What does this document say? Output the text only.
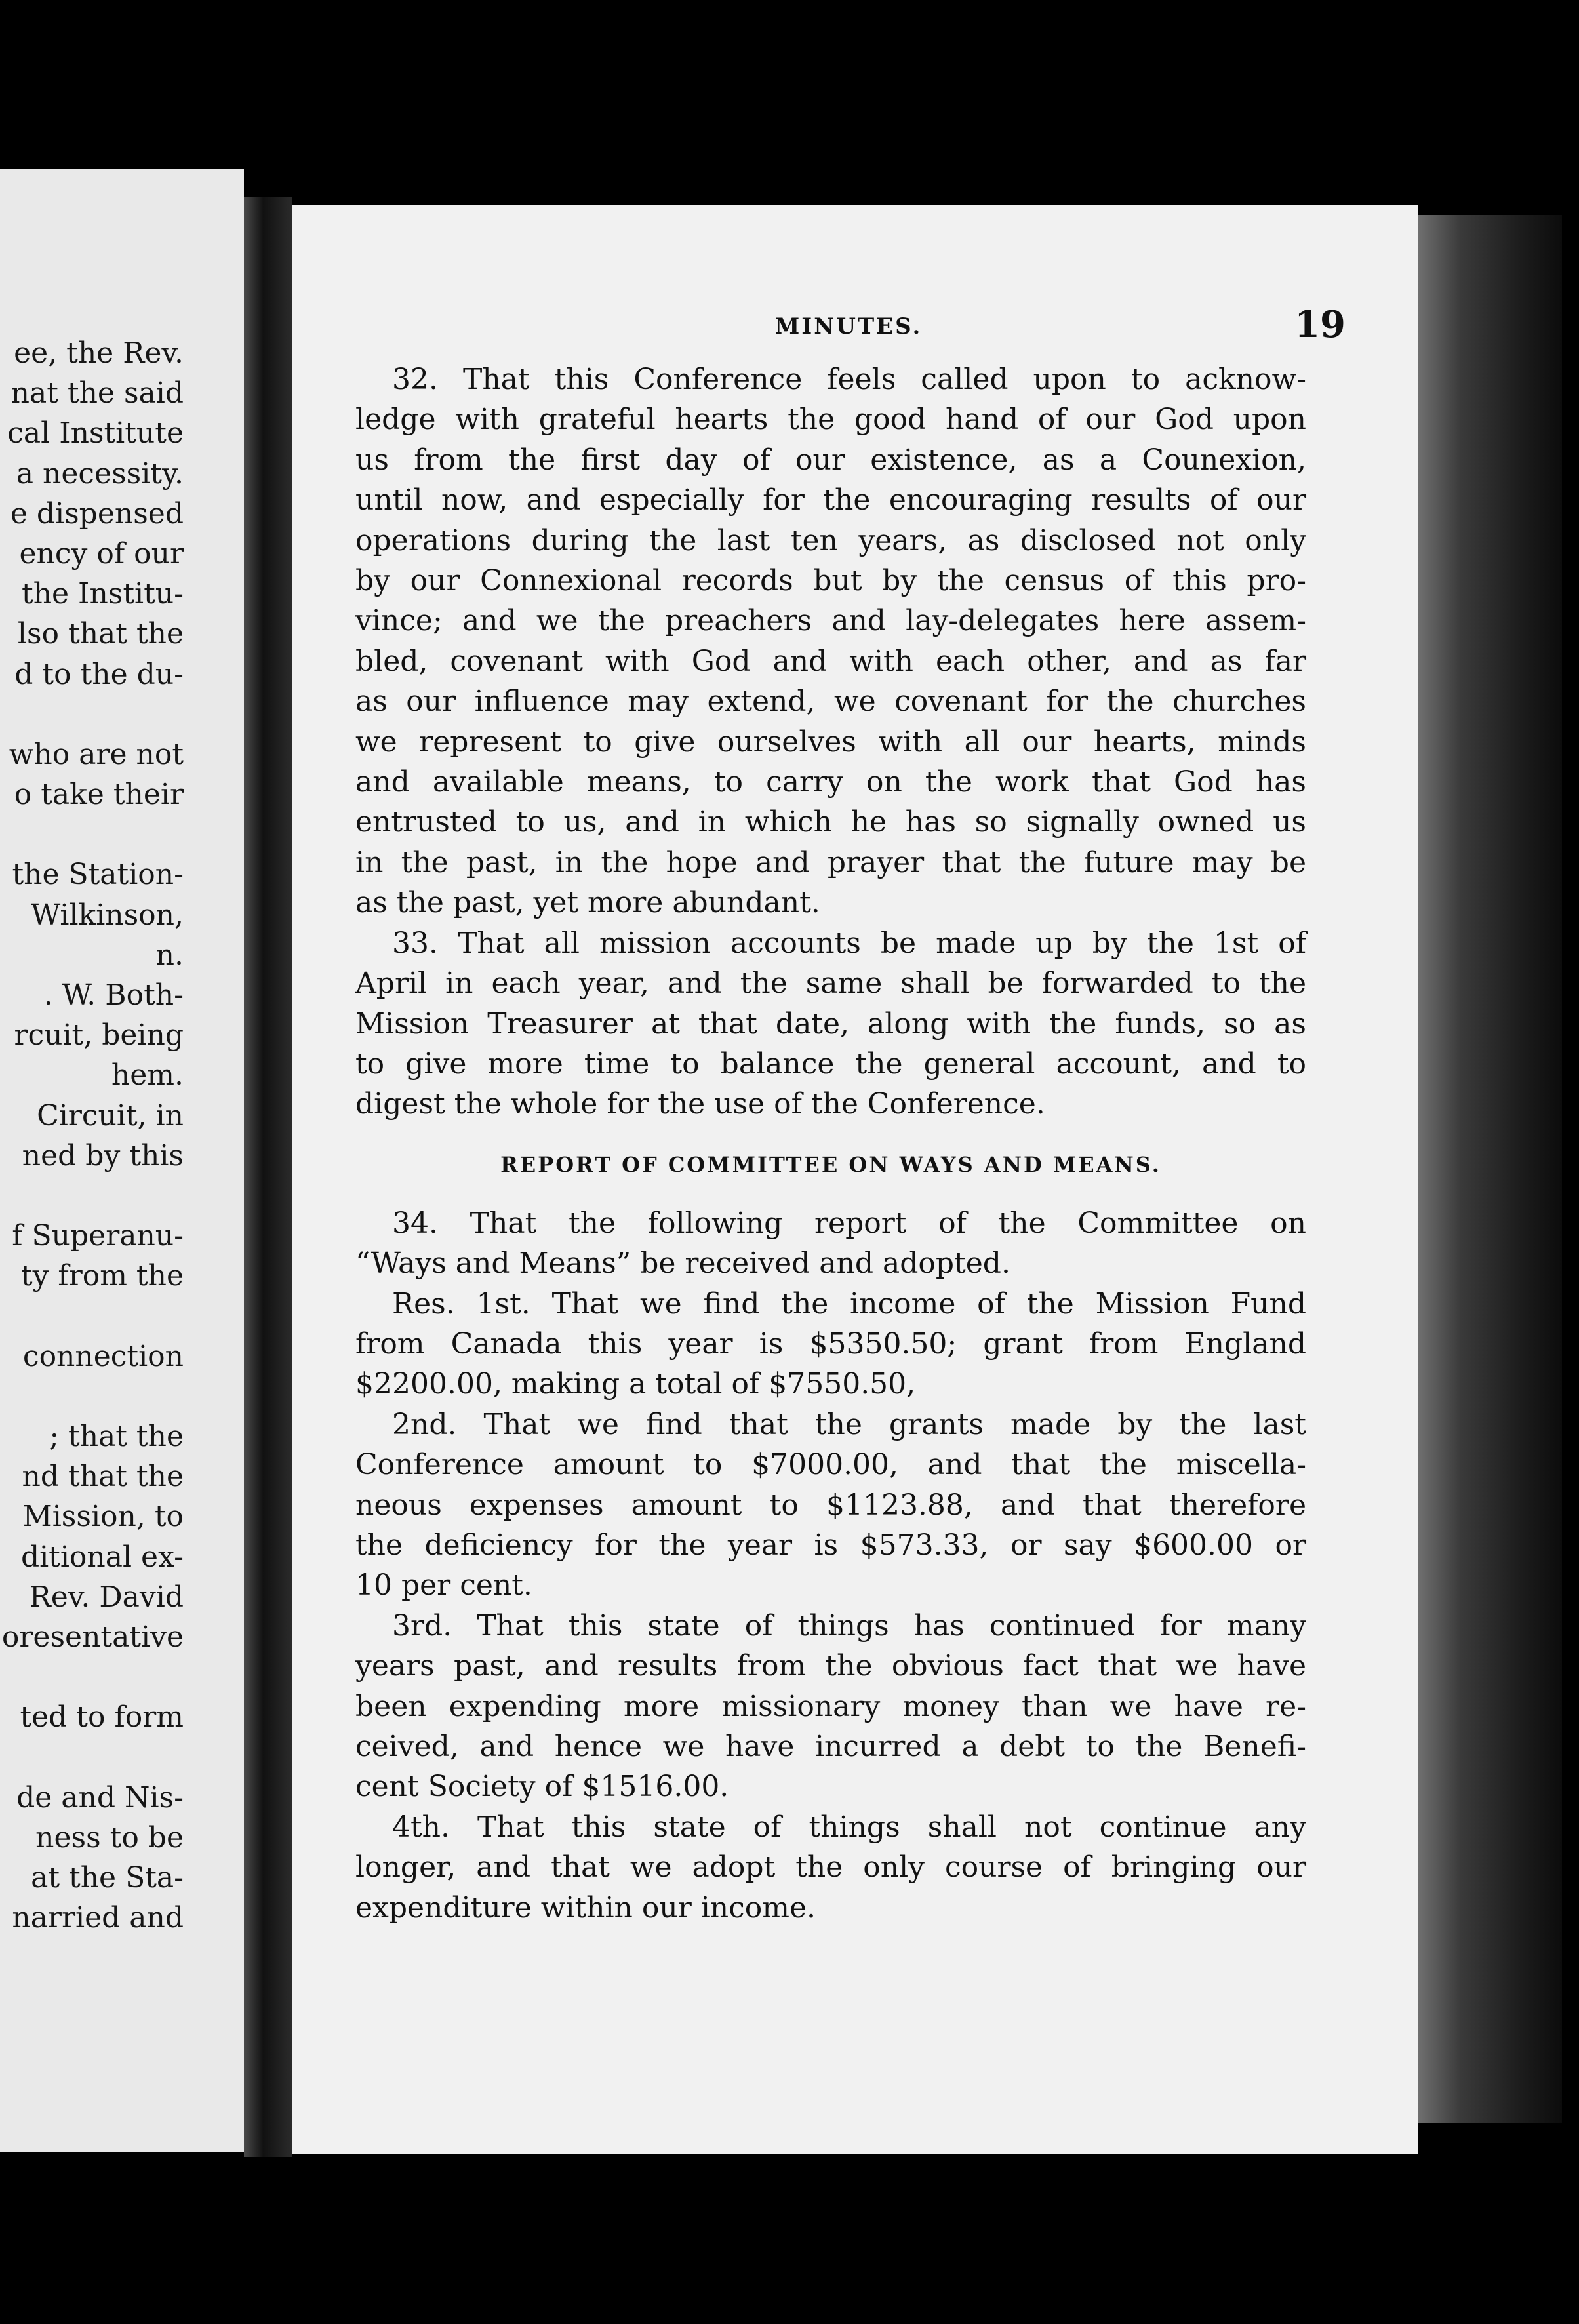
ee, the Rev.
nat the said
cal Institute
a necessity.
e dispensed
ency of our
the Institu-
lso that the
d to the du-
who are not
o take their
the Station-
Wilkinson,
n.
. W. Both-
rcuit, being
hem.
Circuit, in
ned by this
f Superanu-
ty from the
connection
; that the
nd that the
Mission, to
ditional ex-
Rev. David
oresentative
ted to form
de and Nis-
ness to be
at the Sta-
narried and
MINUTES.	19
32. That this Conference feels called upon to acknow-
ledge with grateful hearts the good hand of our God upon
us from the first day of our existence, as a Counexion,
until now, and especially for the encouraging results of our
operations during the last ten years, as disclosed not only
by our Connexional records but by the census of this pro-
vince; and we the preachers and lay-delegates here assem-
bled, covenant with God and with each other, and as far
as our influence may extend, we covenant for the churches
we represent to give ourselves with all our hearts, minds
and available means, to carry on the work that God has
entrusted to us, and in which he has so signally owned us
in the past, in the hope and prayer that the future may be
as the past, yet more abundant.
33. That all mission accounts be made up by the 1st of
April in each year, and the same shall be forwarded to the
Mission Treasurer at that date, along with the funds, so as
to give more time to balance the general account, and to
digest the whole for the use of the Conference.
REPORT OF COMMITTEE ON WAYS AND MEANS.
34. That the following report of the Committee on
“Ways and Means” be received and adopted.
Res. 1st. That we find the income of the Mission Fund
from Canada this year is $5350.50; grant from England
$2200.00, making a total of $7550.50,
2nd. That we find that the grants made by the last
Conference amount to $7000.00, and that the miscella-
neous expenses amount to $1123.88, and that therefore
the deficiency for the year is $573.33, or say $600.00 or
10 per cent.
3rd. That this state of things has continued for many
years past, and results from the obvious fact that we have
been expending more missionary money than we have re-
ceived, and hence we have incurred a debt to the Benefi-
cent Society of $1516.00.
4th. That this state of things shall not continue any
longer, and that we adopt the only course of bringing our
expenditure within our income.
